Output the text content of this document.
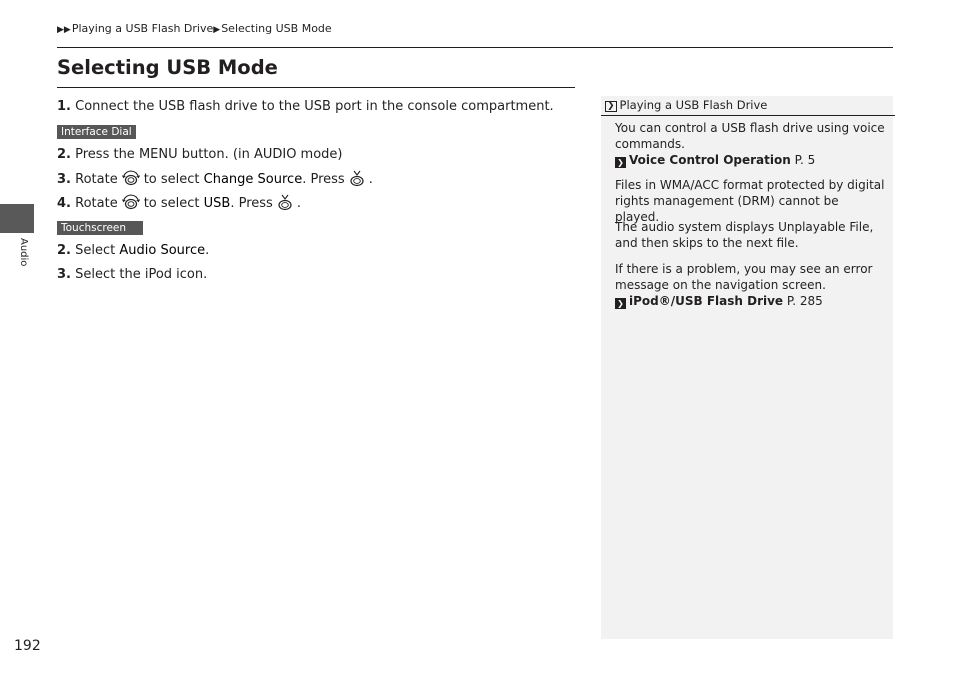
▶▶Playing a USB Flash Drive▶Selecting USB Mode
Selecting USB Mode
Audio
192
1. Connect the USB flash drive to the USB port in the console compartment.
Interface Dial
2. Press the MENU button. (in AUDIO mode)
3. Rotate to select Change Source. Press .
4. Rotate to select USB. Press .
Touchscreen
2. Select Audio Source.
3. Select the iPod icon.
❯ Playing a USB Flash Drive

You can control a USB flash drive using voice commands.
❯ Voice Control Operation P. 5

Files in WMA/ACC format protected by digital rights management (DRM) cannot be played.

The audio system displays Unplayable File, and then skips to the next file.

If there is a problem, you may see an error message on the navigation screen.
❯ iPod®/USB Flash Drive P. 285
